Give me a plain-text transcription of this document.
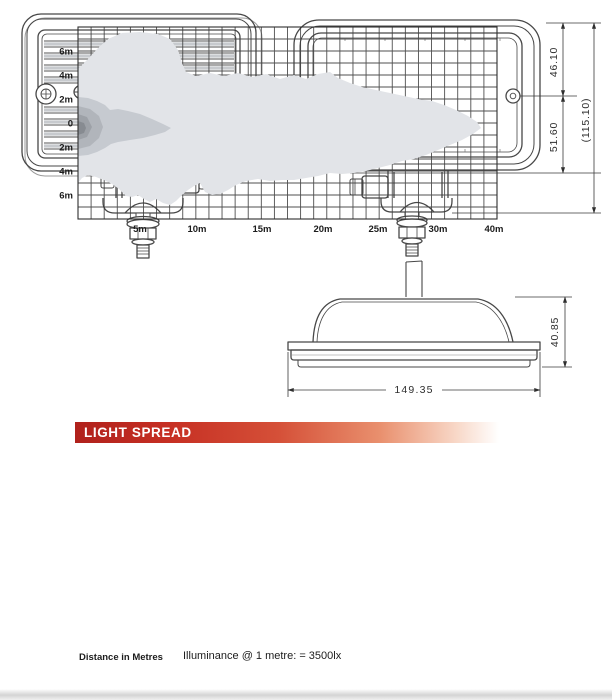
46.10
51.60 (115.10)
40.85
149.35
LIGHT SPREAD
6m
4m
2m
0
2m
4m
6m
5m	10m	15m	20m	25m	30m	40m
Distance in Metres Illuminance @ 1 metre: = 3500lx
